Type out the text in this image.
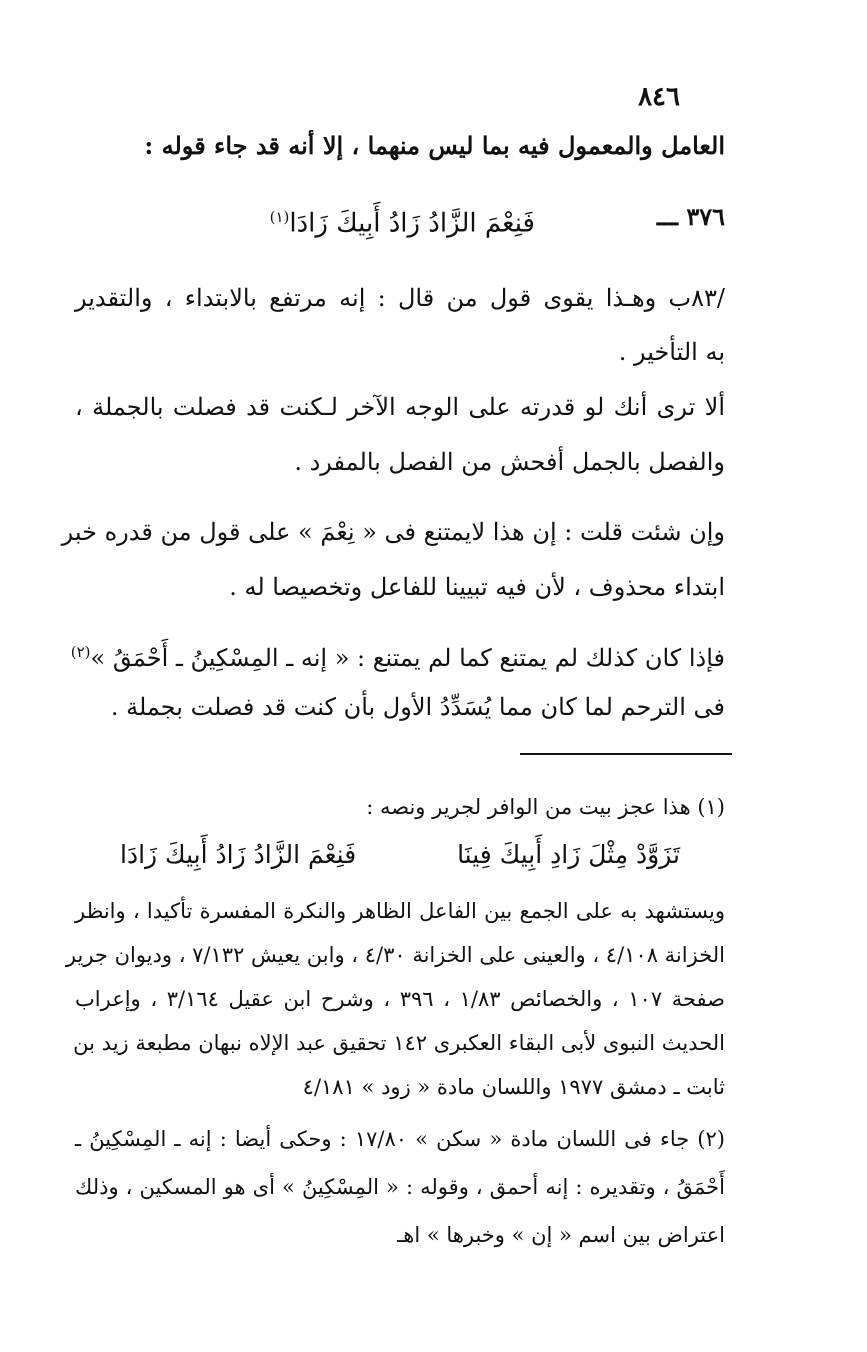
٨٤٦
العامل والمعمول فيه بما ليس منهما ، إلا أنه قد جاء قوله :
٣٧٦ ـــ
فَنِعْمَ الزَّادُ زَادُ أَبِيكَ زَادَا$^{(١)}$
/٨٣ب وهـذا يقوى قول من قال : إنه مرتفع بالابتداء ، والتقدير
به التأخير .
ألا ترى أنك لو قدرته على الوجه الآخر لـكنت قد فصلت بالجملة ،
والفصل بالجمل أفحش من الفصل بالمفرد .
وإن شئت قلت : إن هذا لايمتنع فى « نِعْمَ » على قول من قدره خبر
ابتداء محذوف ، لأن فيه تبيينا للفاعل وتخصيصا له .
فإذا كان كذلك لم يمتنع كما لم يمتنع : « إنه ـ المِسْكِينُ ـ أَحْمَقُ »$^{(٢)}$
فى الترحم لما كان مما يُسَدِّدُ الأول بأن كنت قد فصلت بجملة .
(١) هذا عجز بيت من الوافر لجرير ونصه :
تَزَوَّدْ مِثْلَ زَادِ أَبِيكَ فِينَا
فَنِعْمَ الزَّادُ زَادُ أَبِيكَ زَادَا
ويستشهد به على الجمع بين الفاعل الظاهر والنكرة المفسرة تأكيدا ، وانظر
الخزانة ٤/١٠٨ ، والعينى على الخزانة ٤/٣٠ ، وابن يعيش ٧/١٣٢ ، وديوان جرير
صفحة ١٠٧ ، والخصائص ١/٨٣ ، ٣٩٦ ، وشرح ابن عقيل ٣/١٦٤ ، وإعراب
الحديث النبوى لأبى البقاء العكبرى ١٤٢ تحقيق عبد الإلاه نبهان مطبعة زيد بن
ثابت ـ دمشق ١٩٧٧ واللسان مادة « زود » ٤/١٨١
(٢) جاء فى اللسان مادة « سكن » ١٧/٨٠ : وحكى أيضا : إنه ـ المِسْكِينُ ـ
أَحْمَقُ ، وتقديره : إنه أحمق ، وقوله : « المِسْكِينُ » أى هو المسكين ، وذلك
اعتراض بين اسم « إن » وخبرها » اهـ
